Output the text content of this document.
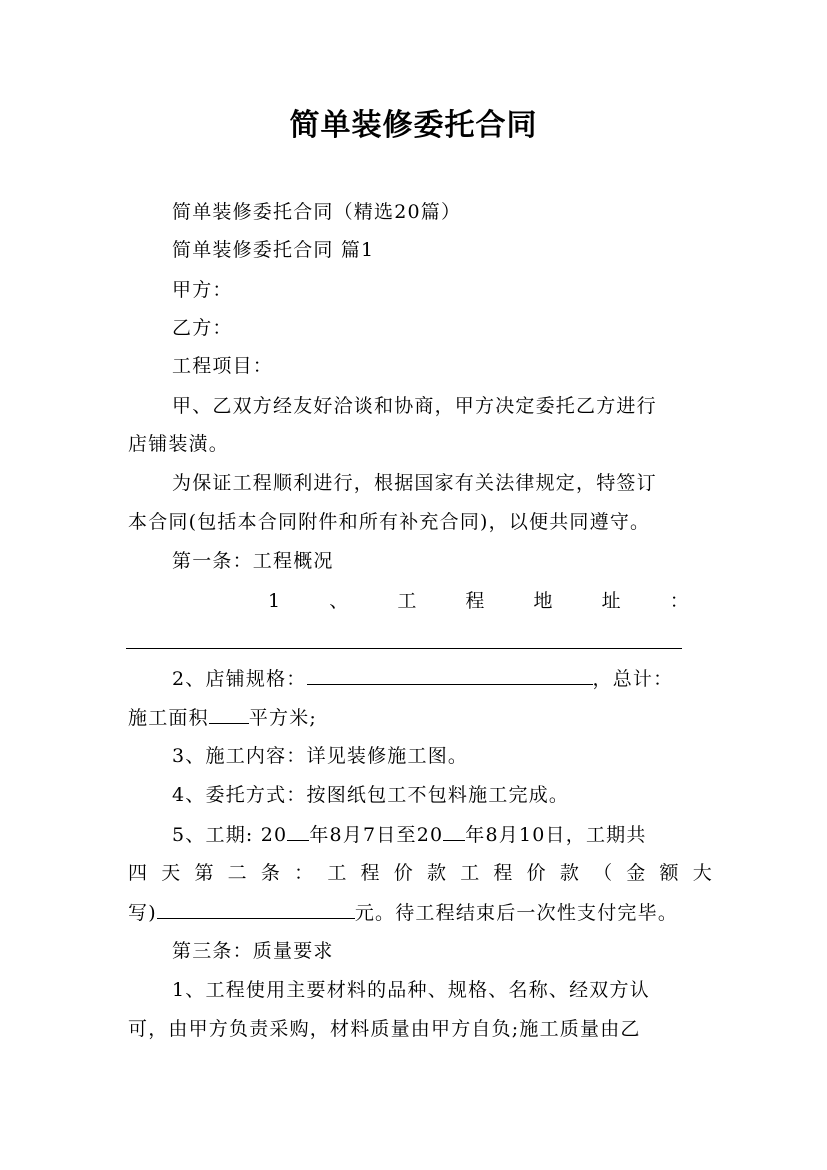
简单装修委托合同
简单装修委托合同（精选20篇）
简单装修委托合同 篇1
甲方：
乙方：
工程项目：
甲、乙双方经友好洽谈和协商，甲方决定委托乙方进行
店铺装潢。
为保证工程顺利进行，根据国家有关法律规定，特签订
本合同(包括本合同附件和所有补充合同)，以便共同遵守。
第一条：工程概况
1	、	工	程	地	址	：
2、店铺规格：	，总计：
施工面积 平方米;
3、施工内容：详见装修施工图。
4、委托方式：按图纸包工不包料施工完成。
5、工期: 20 年8月7日至20 年8月10日，工期共
四 天 第 二 条 ： 工 程 价 款 工 程 价 款 （ 金 额 大
写)	元。待工程结束后一次性支付完毕。
第三条：质量要求
1、工程使用主要材料的品种、规格、名称、经双方认
可，由甲方负责采购，材料质量由甲方自负;施工质量由乙
